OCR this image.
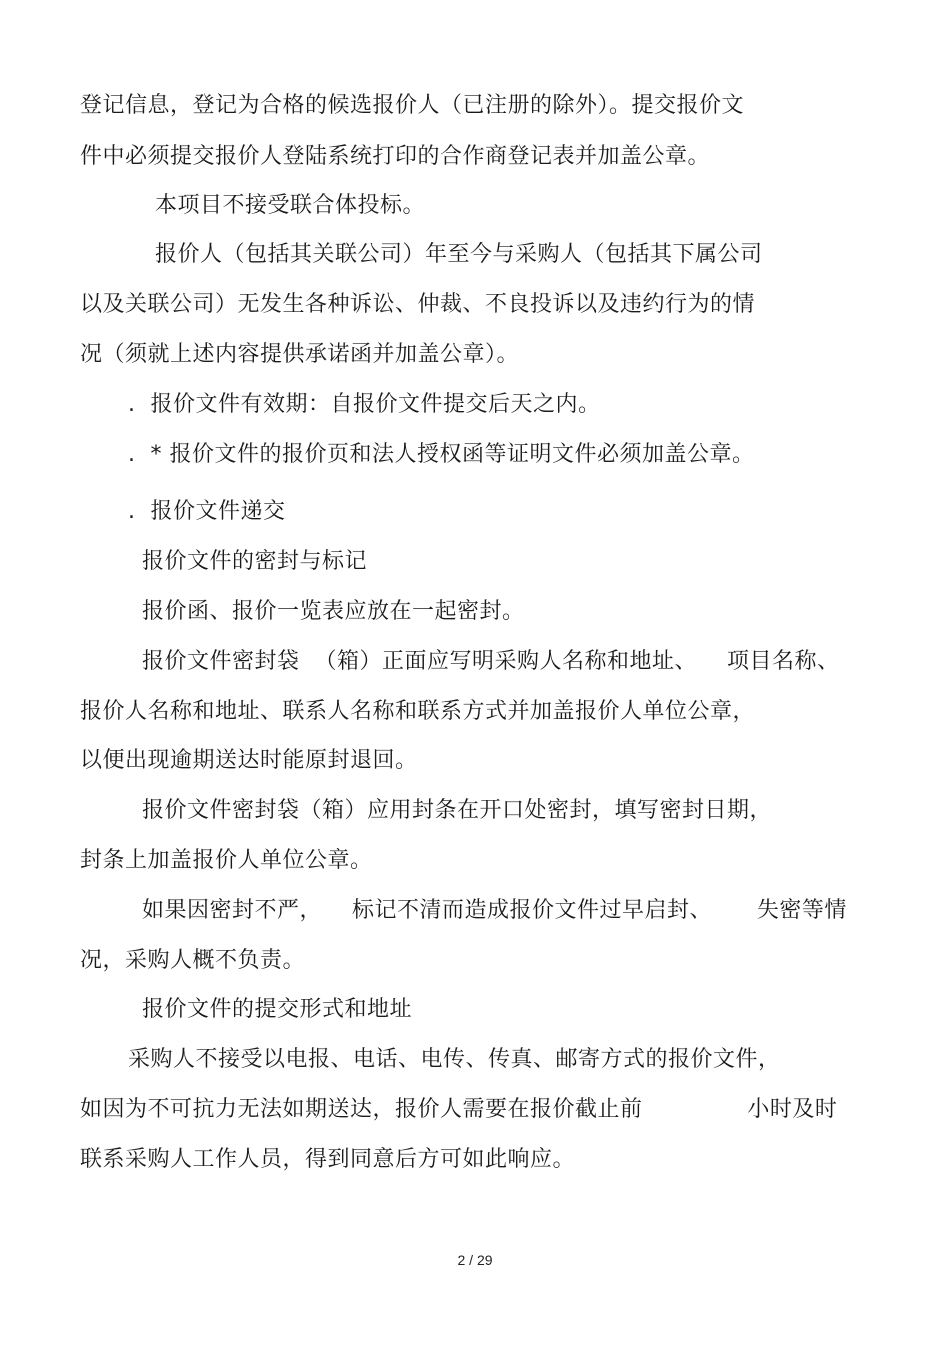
登记信息，登记为合格的候选报价人（已注册的除外）。提交报价文
件中必须提交报价人登陆系统打印的合作商登记表并加盖公章。
本项目不接受联合体投标。
报价人（包括其关联公司）年至今与采购人（包括其下属公司
以及关联公司）无发生各种诉讼、仲裁、不良投诉以及违约行为的情
况（须就上述内容提供承诺函并加盖公章）。
.  报价文件有效期：自报价文件提交后天之内。
.  * 报价文件的报价页和法人授权函等证明文件必须加盖公章。
.  报价文件递交
报价文件的密封与标记
报价函、报价一览表应放在一起密封。
报价文件密封袋  （箱）正面应写明采购人名称和地址、    项目名称、
报价人名称和地址、联系人名称和联系方式并加盖报价人单位公章，
以便出现逾期送达时能原封退回。
报价文件密封袋（箱）应用封条在开口处密封，填写密封日期，
封条上加盖报价人单位公章。
如果因密封不严，    标记不清而造成报价文件过早启封、      失密等情
况，采购人概不负责。
报价文件的提交形式和地址
采购人不接受以电报、电话、电传、传真、邮寄方式的报价文件，
如因为不可抗力无法如期送达，报价人需要在报价截止前              小时及时
联系采购人工作人员，得到同意后方可如此响应。
2 / 29
